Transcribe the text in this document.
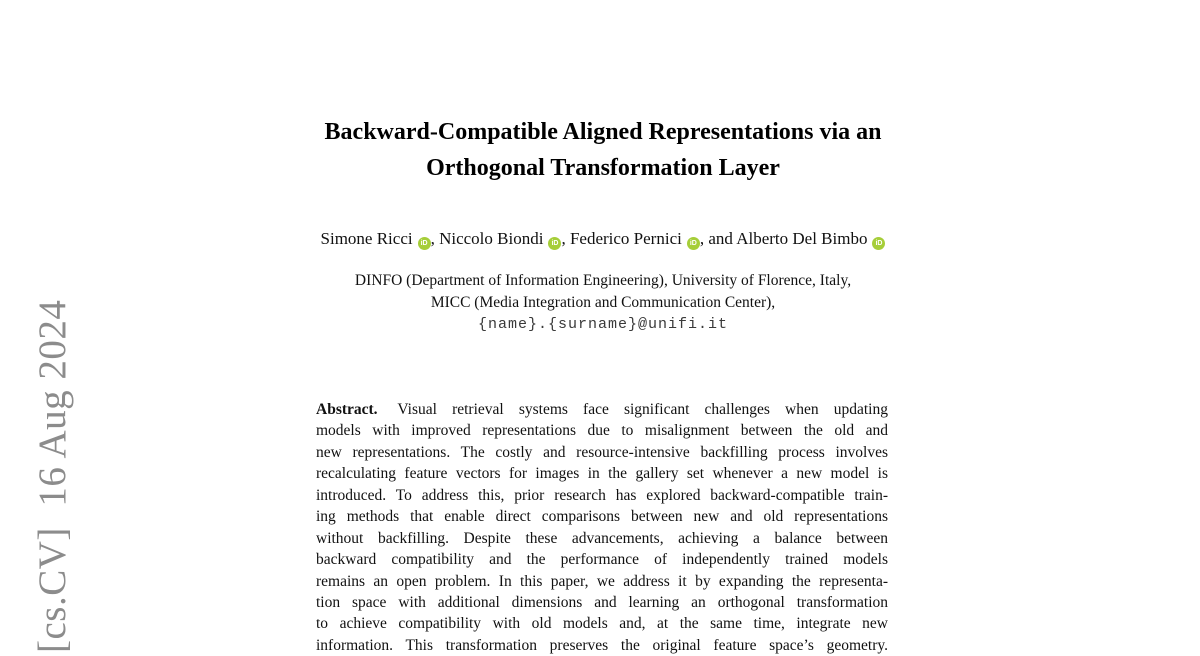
[cs.CV]  16 Aug 2024
Backward-Compatible Aligned Representations via an
Orthogonal Transformation Layer
Simone Ricci iD , Niccolo Biondi iD , Federico Pernici iD , and Alberto Del Bimbo iD
DINFO (Department of Information Engineering), University of Florence, Italy,
MICC (Media Integration and Communication Center),
{name}.{surname}@unifi.it
Abstract. Visual retrieval systems face significant challenges when updating
models with improved representations due to misalignment between the old and
new representations. The costly and resource-intensive backfilling process involves
recalculating feature vectors for images in the gallery set whenever a new model is
introduced. To address this, prior research has explored backward-compatible train-
ing methods that enable direct comparisons between new and old representations
without backfilling. Despite these advancements, achieving a balance between
backward compatibility and the performance of independently trained models
remains an open problem. In this paper, we address it by expanding the representa-
tion space with additional dimensions and learning an orthogonal transformation
to achieve compatibility with old models and, at the same time, integrate new
information. This transformation preserves the original feature space’s geometry.
